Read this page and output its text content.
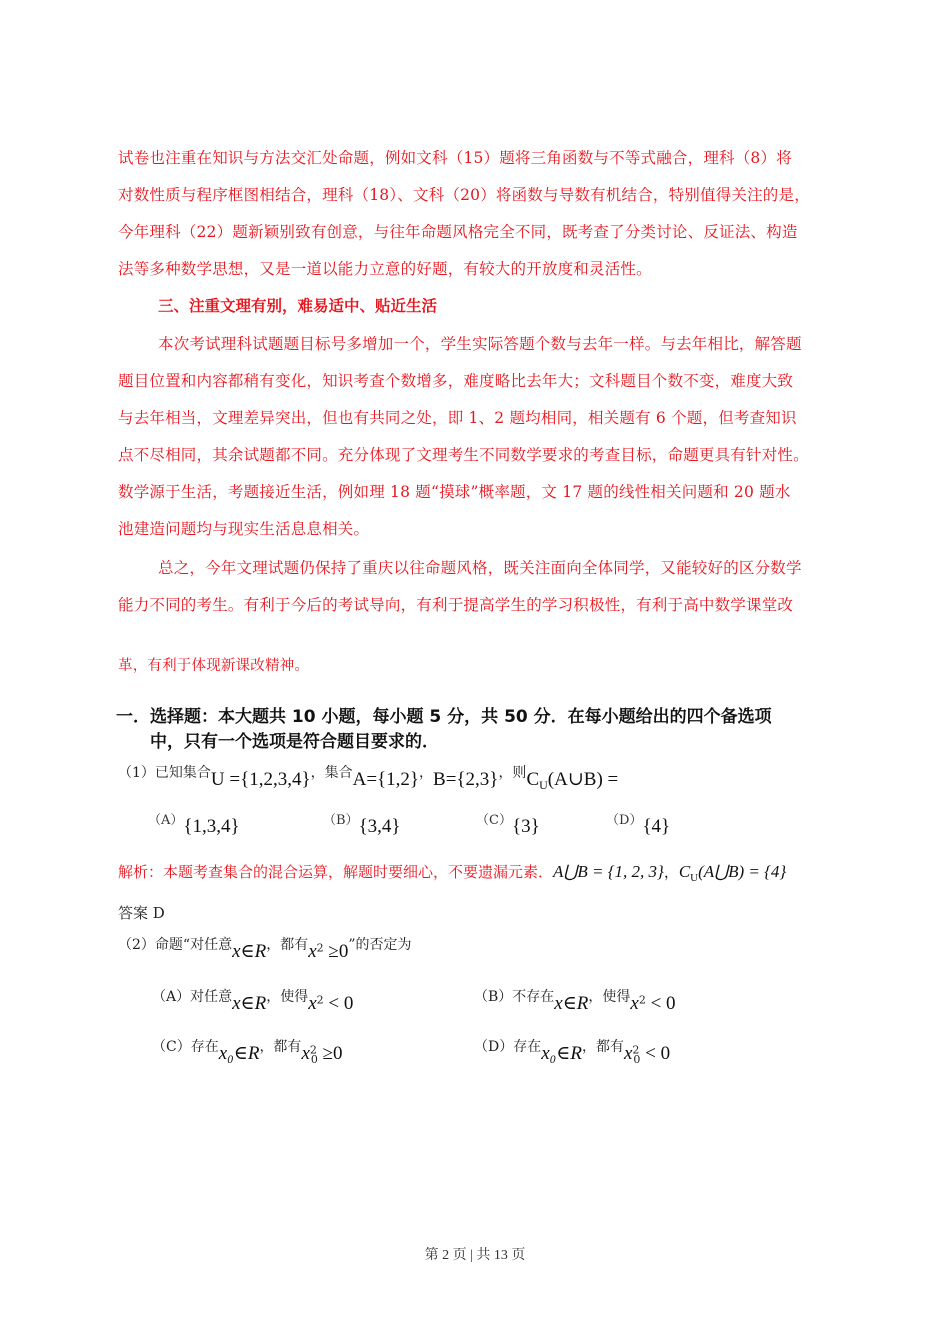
试卷也注重在知识与方法交汇处命题，例如文科（15）题将三角函数与不等式融合，理科（8）将
对数性质与程序框图相结合，理科（18）、文科（20）将函数与导数有机结合，特别值得关注的是，
今年理科（22）题新颖别致有创意，与往年命题风格完全不同，既考查了分类讨论、反证法、构造
法等多种数学思想，又是一道以能力立意的好题，有较大的开放度和灵活性。
三、注重文理有别，难易适中、贴近生活
本次考试理科试题题目标号多增加一个，学生实际答题个数与去年一样。与去年相比，解答题
题目位置和内容都稍有变化，知识考查个数增多，难度略比去年大；文科题目个数不变，难度大致
与去年相当，文理差异突出，但也有共同之处，即 1、2 题均相同，相关题有 6 个题，但考查知识
点不尽相同，其余试题都不同。充分体现了文理考生不同数学要求的考查目标，命题更具有针对性。
数学源于生活，考题接近生活，例如理 18 题“摸球”概率题，文 17 题的线性相关问题和 20 题水
池建造问题均与现实生活息息相关。
总之，今年文理试题仍保持了重庆以往命题风格，既关注面向全体同学，又能较好的区分数学
能力不同的考生。有利于今后的考试导向，有利于提高学生的学习积极性，有利于高中数学课堂改
革，有利于体现新课改精神。
一．选择题：本大题共 10 小题，每小题 5 分，共 50 分．在每小题给出的四个备选项
中，只有一个选项是符合题目要求的．
（1）已知集合U ={1,2,3,4}，集合A={1,2}，B={2,3}，则CU(A∪B) =
（A）{1,3,4}	（B）{3,4}	（C）{3}	（D）{4}
解析：本题考查集合的混合运算，解题时要细心，不要遗漏元素．A⋃B = {1, 2, 3}，$C_U(A⋃B) = \{4\}$
答案 D
（2）命题“对任意x∈R，都有$x^2 \ge 0$”的否定为
（A）对任意x∈R，使得$x^2 < 0$	（B）不存在x∈R，使得$x^2 < 0$
（C）存在x₀∈R，都有$x^2_0 \ge 0$	（D）存在x₀∈R，都有$x^2_0 < 0$
第 2 页 | 共 13 页
